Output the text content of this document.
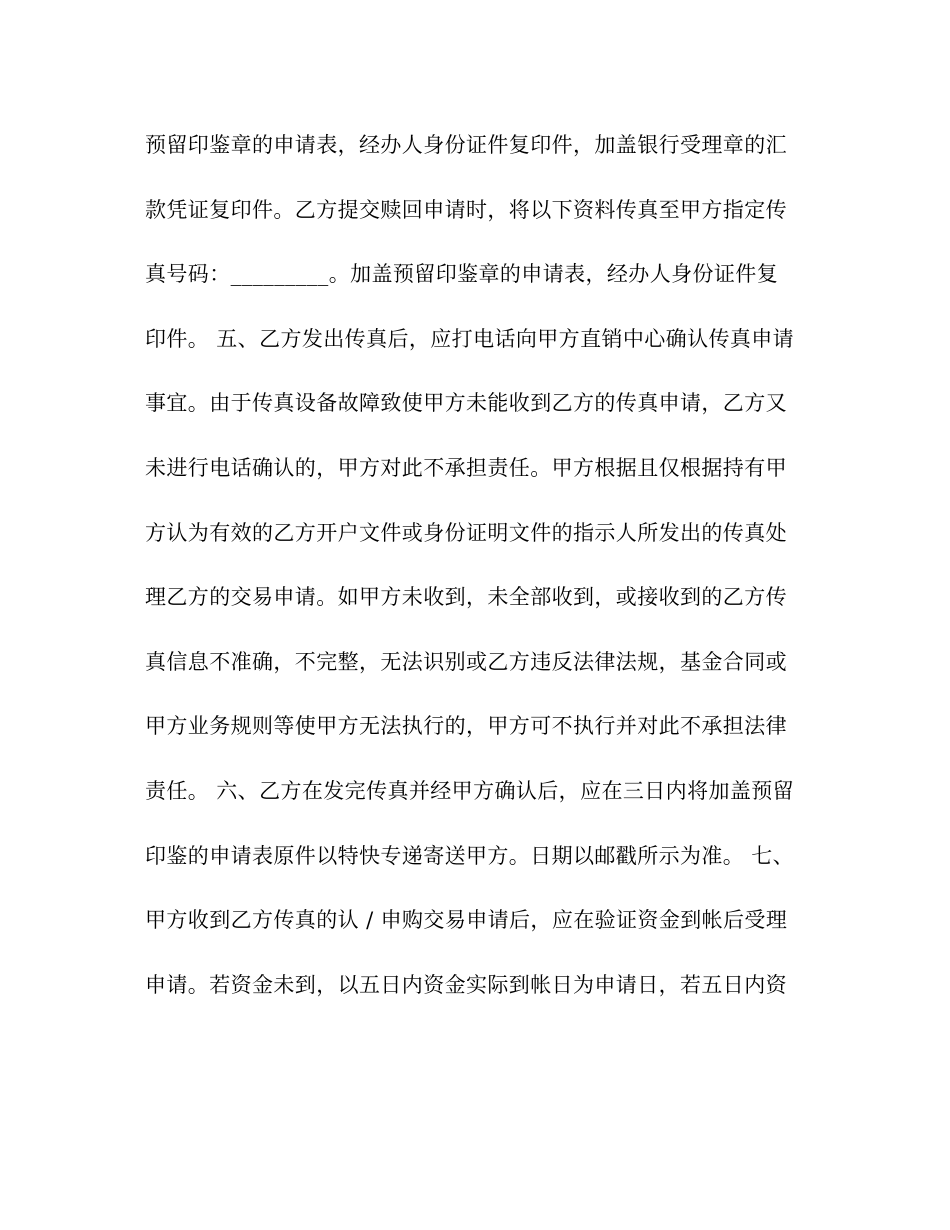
预留印鉴章的申请表，经办人身份证件复印件，加盖银行受理章的汇
款凭证复印件。乙方提交赎回申请时，将以下资料传真至甲方指定传
真号码：_________。加盖预留印鉴章的申请表，经办人身份证件复
印件。 五、乙方发出传真后，应打电话向甲方直销中心确认传真申请
事宜。由于传真设备故障致使甲方未能收到乙方的传真申请，乙方又
未进行电话确认的，甲方对此不承担责任。甲方根据且仅根据持有甲
方认为有效的乙方开户文件或身份证明文件的指示人所发出的传真处
理乙方的交易申请。如甲方未收到，未全部收到，或接收到的乙方传
真信息不准确，不完整，无法识别或乙方违反法律法规，基金合同或
甲方业务规则等使甲方无法执行的，甲方可不执行并对此不承担法律
责任。 六、乙方在发完传真并经甲方确认后，应在三日内将加盖预留
印鉴的申请表原件以特快专递寄送甲方。日期以邮戳所示为准。 七、
甲方收到乙方传真的认 / 申购交易申请后，应在验证资金到帐后受理
申请。若资金未到，以五日内资金实际到帐日为申请日，若五日内资
